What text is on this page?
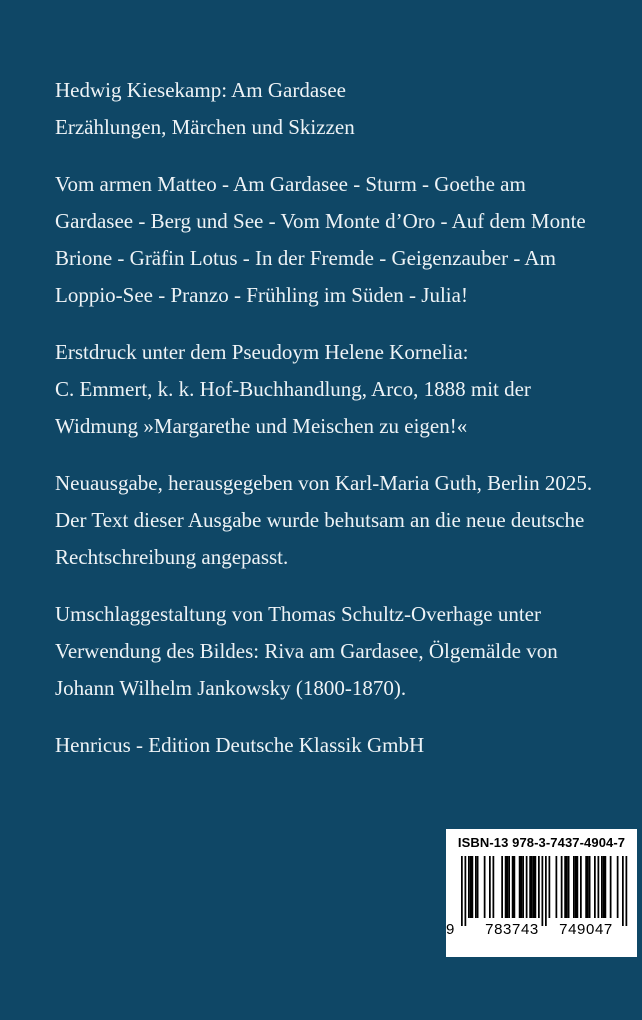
Hedwig Kiesekamp: Am Gardasee
Erzählungen, Märchen und Skizzen

Vom armen Matteo - Am Gardasee - Sturm - Goethe am
Gardasee - Berg und See - Vom Monte d’Oro - Auf dem Monte
Brione - Gräfin Lotus - In der Fremde - Geigenzauber - Am
Loppio-See - Pranzo - Frühling im Süden - Julia!

Erstdruck unter dem Pseudoym Helene Kornelia:
C. Emmert, k. k. Hof-Buchhandlung, Arco, 1888 mit der
Widmung »Margarethe und Meischen zu eigen!«

Neuausgabe, herausgegeben von Karl-Maria Guth, Berlin 2025.
Der Text dieser Ausgabe wurde behutsam an die neue deutsche
Rechtschreibung angepasst.

Umschlaggestaltung von Thomas Schultz-Overhage unter
Verwendung des Bildes: Riva am Gardasee, Ölgemälde von
Johann Wilhelm Jankowsky (1800-1870).

Henricus - Edition Deutsche Klassik GmbH

ISBN-13 978-3-7437-4904-7
9	783743	749047
